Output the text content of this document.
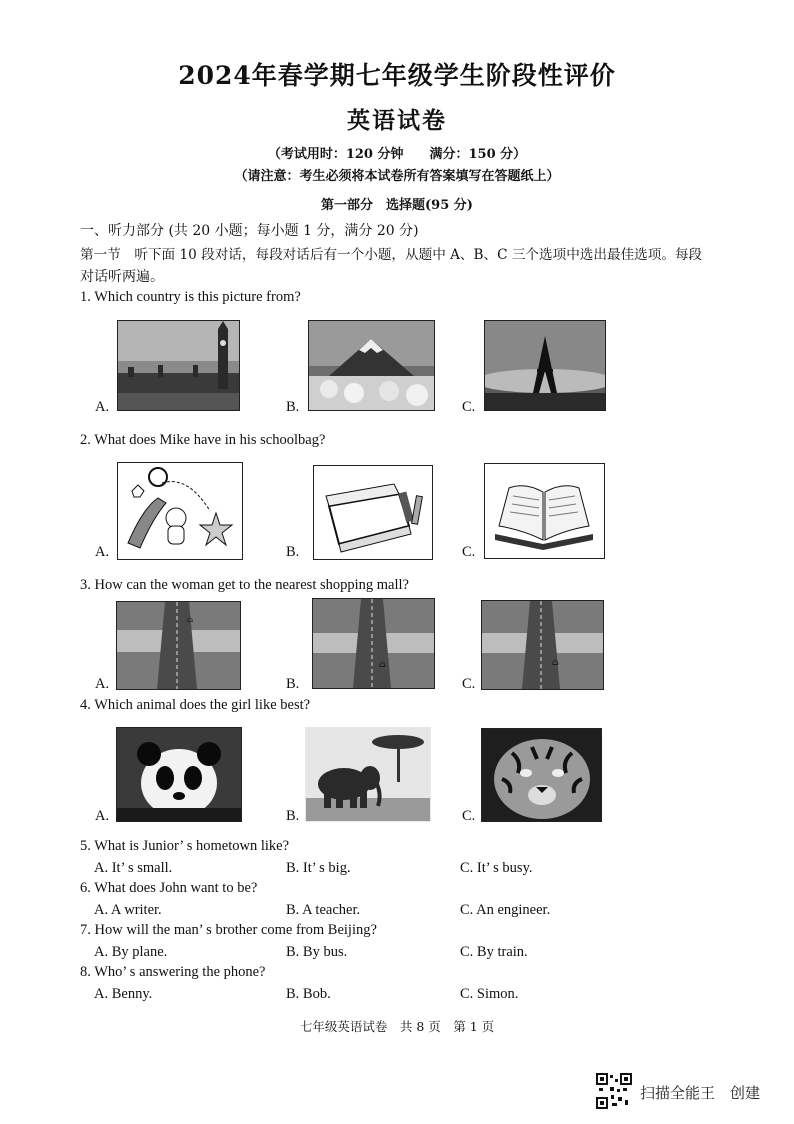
2024年春学期七年级学生阶段性评价
英语试卷
（考试用时：120 分钟　　满分：150 分）
（请注意：考生必须将本试卷所有答案填写在答题纸上）
第一部分　选择题(95 分)
一、听力部分 (共 20 小题；每小题 1 分，满分 20 分)
第一节　听下面 10 段对话，每段对话后有一个小题，从题中 A、B、C 三个选项中选出最佳选项。每段
对话听两遍。
1. Which country is this picture from?
A.	B.	C.
2. What does Mike have in his schoolbag?
A.	B.	C.
3. How can the woman get to the nearest shopping mall?
A.
⌂
B.
⌂
C.
⌂
4. Which animal does the girl like best?
A.	B.	C.
5. What is Junior’ s hometown like?
A. It’ s small.	B. It’ s big.	C. It’ s busy.
6. What does John want to be?
A. A writer.	B. A teacher.	C. An engineer.
7. How will the man’ s brother come from Beijing?
A. By plane.	B. By bus.	C. By train.
8. Who’ s answering the phone?
A. Benny.	B. Bob.	C. Simon.
七年级英语试卷　共 8 页　第 1 页
扫描全能王　创建
